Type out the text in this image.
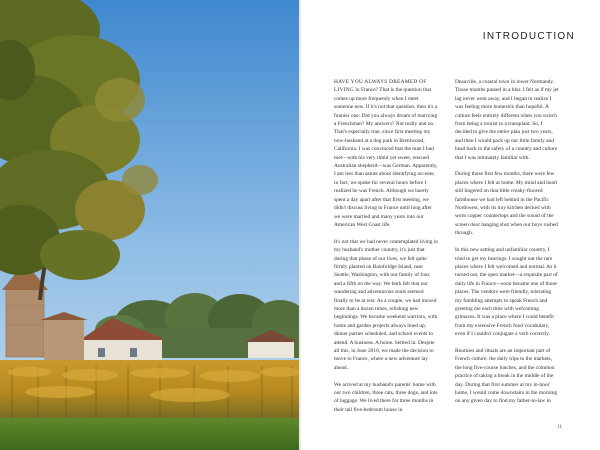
INTRODUCTION

HAVE YOU ALWAYS DREAMED OF LIVING in France? That is the question that comes up more frequently when I meet someone new. If it's not that question, then it's a funnier one: Did you always dream of marrying a Frenchman? My answers? Not really and no. That's especially true, since first meeting my now-husband at a dog park in Brentwood, California. I was convinced that the man I had met—with his very timid yet sweet, rescued Australian shepherd—was German. Apparently, I am less than astute about identifying accents; in fact, we spoke for several hours before I realized he was French. Although we barely spent a day apart after that first meeting, we didn't discuss living in France until long after we were married and many years into our American West Coast life.

It's not that we had never contemplated living in my husband's mother country, it's just that during that phase of our lives, we felt quite firmly planted on Bainbridge Island, near Seattle, Washington, with our family of four, and a fifth on the way. We both felt that our wandering and adventurous souls seemed finally to be at rest. As a couple, we had moved more than a dozen times, relishing new beginnings. We became weekend warriors, with home and garden projects always lined up, dinner parties scheduled, and school events to attend. A business. A home. Settled in. Despite all this, in June 2010, we made the decision to move to France, where a new adventure lay ahead.

We arrived at my husband's parents' home with our two children, three cats, three dogs, and lots of luggage. We lived there for three months in their tall five-bedroom house in

Deauville, a coastal town in lower Normandy. Those months passed in a blur. I felt as if my jet lag never went away, and I began to realize I was feeling more homesick than hopeful. A culture feels entirely different when you switch from being a tourist to a transplant. So, I decided to give the entire plan just two years, and then I would pack up our little family and head back to the safety of a country and culture that I was intimately familiar with.

During those first few months, there were few places where I felt at home. My mind and heart still lingered on that little creaky-floored farmhouse we had left behind in the Pacific Northwest, with its tiny kitchen decked with worn copper countertops and the sound of the screen door banging shut when our boys rushed through.

In this new setting and unfamiliar country, I tried to get my bearings. I sought out the rare places where I felt welcomed and normal. As it turned out, the open market—a requisite part of daily life in France—soon became one of those places. The vendors were friendly, tolerating my fumbling attempts to speak French and greeting me each time with welcoming grimaces. It was a place where I could benefit from my extensive French food vocabulary, even if I couldn't conjugate a verb correctly.

Routines and rituals are an important part of French culture: the daily trips to the markets, the long five-course lunches, and the common practice of taking a break in the middle of the day. During that first summer at my in-laws' home, I would come downstairs in the morning on any given day to find my father-in-law in

11
